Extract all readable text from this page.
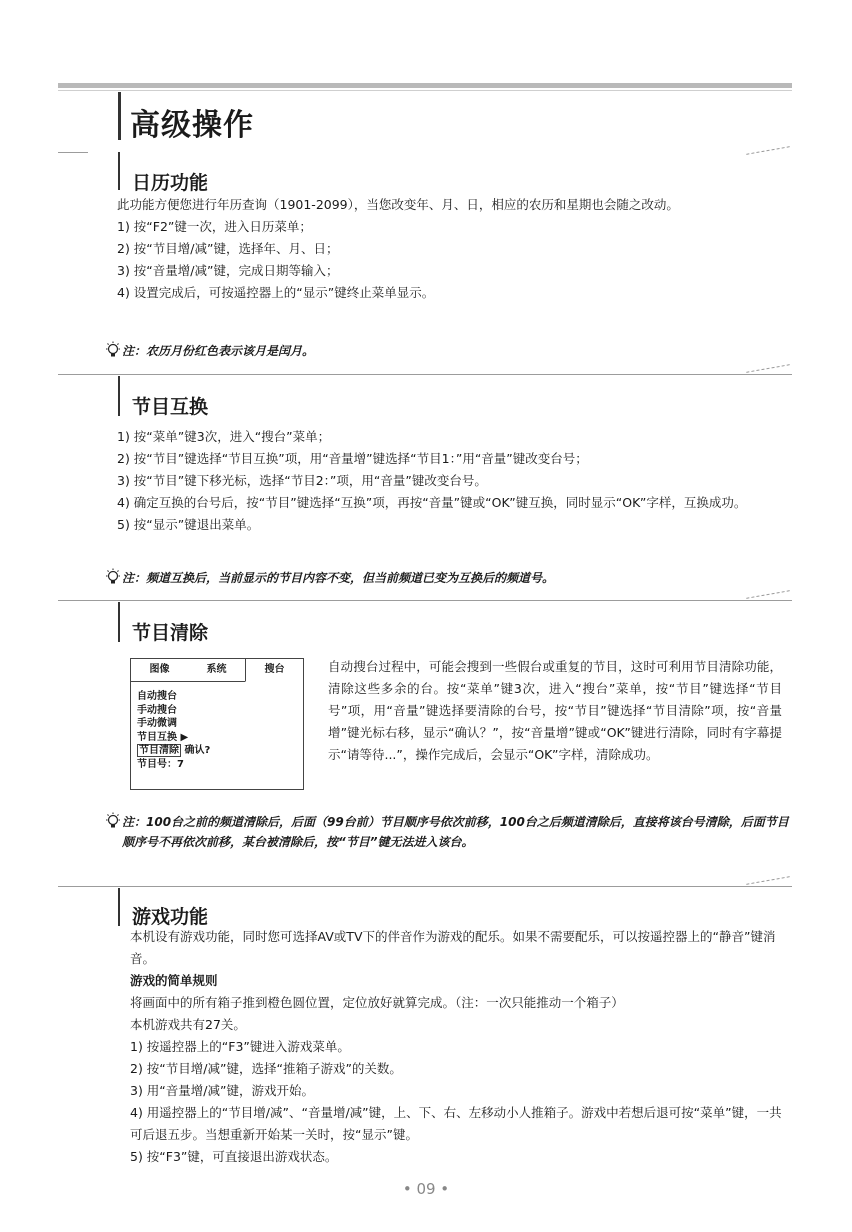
高级操作
日历功能

此功能方便您进行年历查询（1901-2099），当您改变年、月、日，相应的农历和星期也会随之改动。

1) 按“F2”键一次，进入日历菜单；

2) 按“节目增/减”键，选择年、月、日；

3) 按“音量增/减”键，完成日期等输入；

4) 设置完成后，可按遥控器上的“显示”键终止菜单显示。

注：农历月份红色表示该月是闰月。
节目互换

1) 按“菜单”键3次，进入“搜台”菜单；

2) 按“节目”键选择“节目互换”项，用“音量增”键选择“节目1：”用“音量”键改变台号；

3) 按“节目”键下移光标，选择“节目2：”项，用“音量”键改变台号。

4) 确定互换的台号后，按“节目”键选择“互换”项，再按“音量”键或“OK”键互换，同时显示“OK”字样，互换成功。

5) 按“显示”键退出菜单。

注：频道互换后，当前显示的节目内容不变，但当前频道已变为互换后的频道号。
节目清除
图像	系统	搜台
自动搜台
手动搜台
手动微调
节目互换 ▶
节目清除 确认?
节目号：7
自动搜台过程中，可能会搜到一些假台或重复的节目，这时可利用节目清除功能，清除这些多余的台。按“菜单”键3次，进入“搜台”菜单，按“节目”键选择“节目号”项，用“音量”键选择要清除的台号，按“节目”键选择“节目清除”项，按“音量增”键光标右移，显示“确认？”，按“音量增”键或“OK”键进行清除，同时有字幕提示“请等待...”，操作完成后，会显示“OK”字样，清除成功。
注：100台之前的频道清除后，后面（99台前）节目顺序号依次前移，100台之后频道清除后，直接将该台号清除，后面节目顺序号不再依次前移，某台被清除后，按“节目”键无法进入该台。
游戏功能

本机设有游戏功能，同时您可选择AV或TV下的伴音作为游戏的配乐。如果不需要配乐，可以按遥控器上的“静音”键消音。

游戏的简单规则

将画面中的所有箱子推到橙色圆位置，定位放好就算完成。（注：一次只能推动一个箱子）

本机游戏共有27关。

1) 按遥控器上的“F3”键进入游戏菜单。

2) 按“节目增/减”键，选择“推箱子游戏”的关数。

3) 用“音量增/减”键，游戏开始。

4) 用遥控器上的“节目增/减”、“音量增/减”键，上、下、右、左移动小人推箱子。游戏中若想后退可按“菜单”键，一共可后退五步。当想重新开始某一关时，按“显示”键。

5) 按“F3”键，可直接退出游戏状态。

• 09 •
